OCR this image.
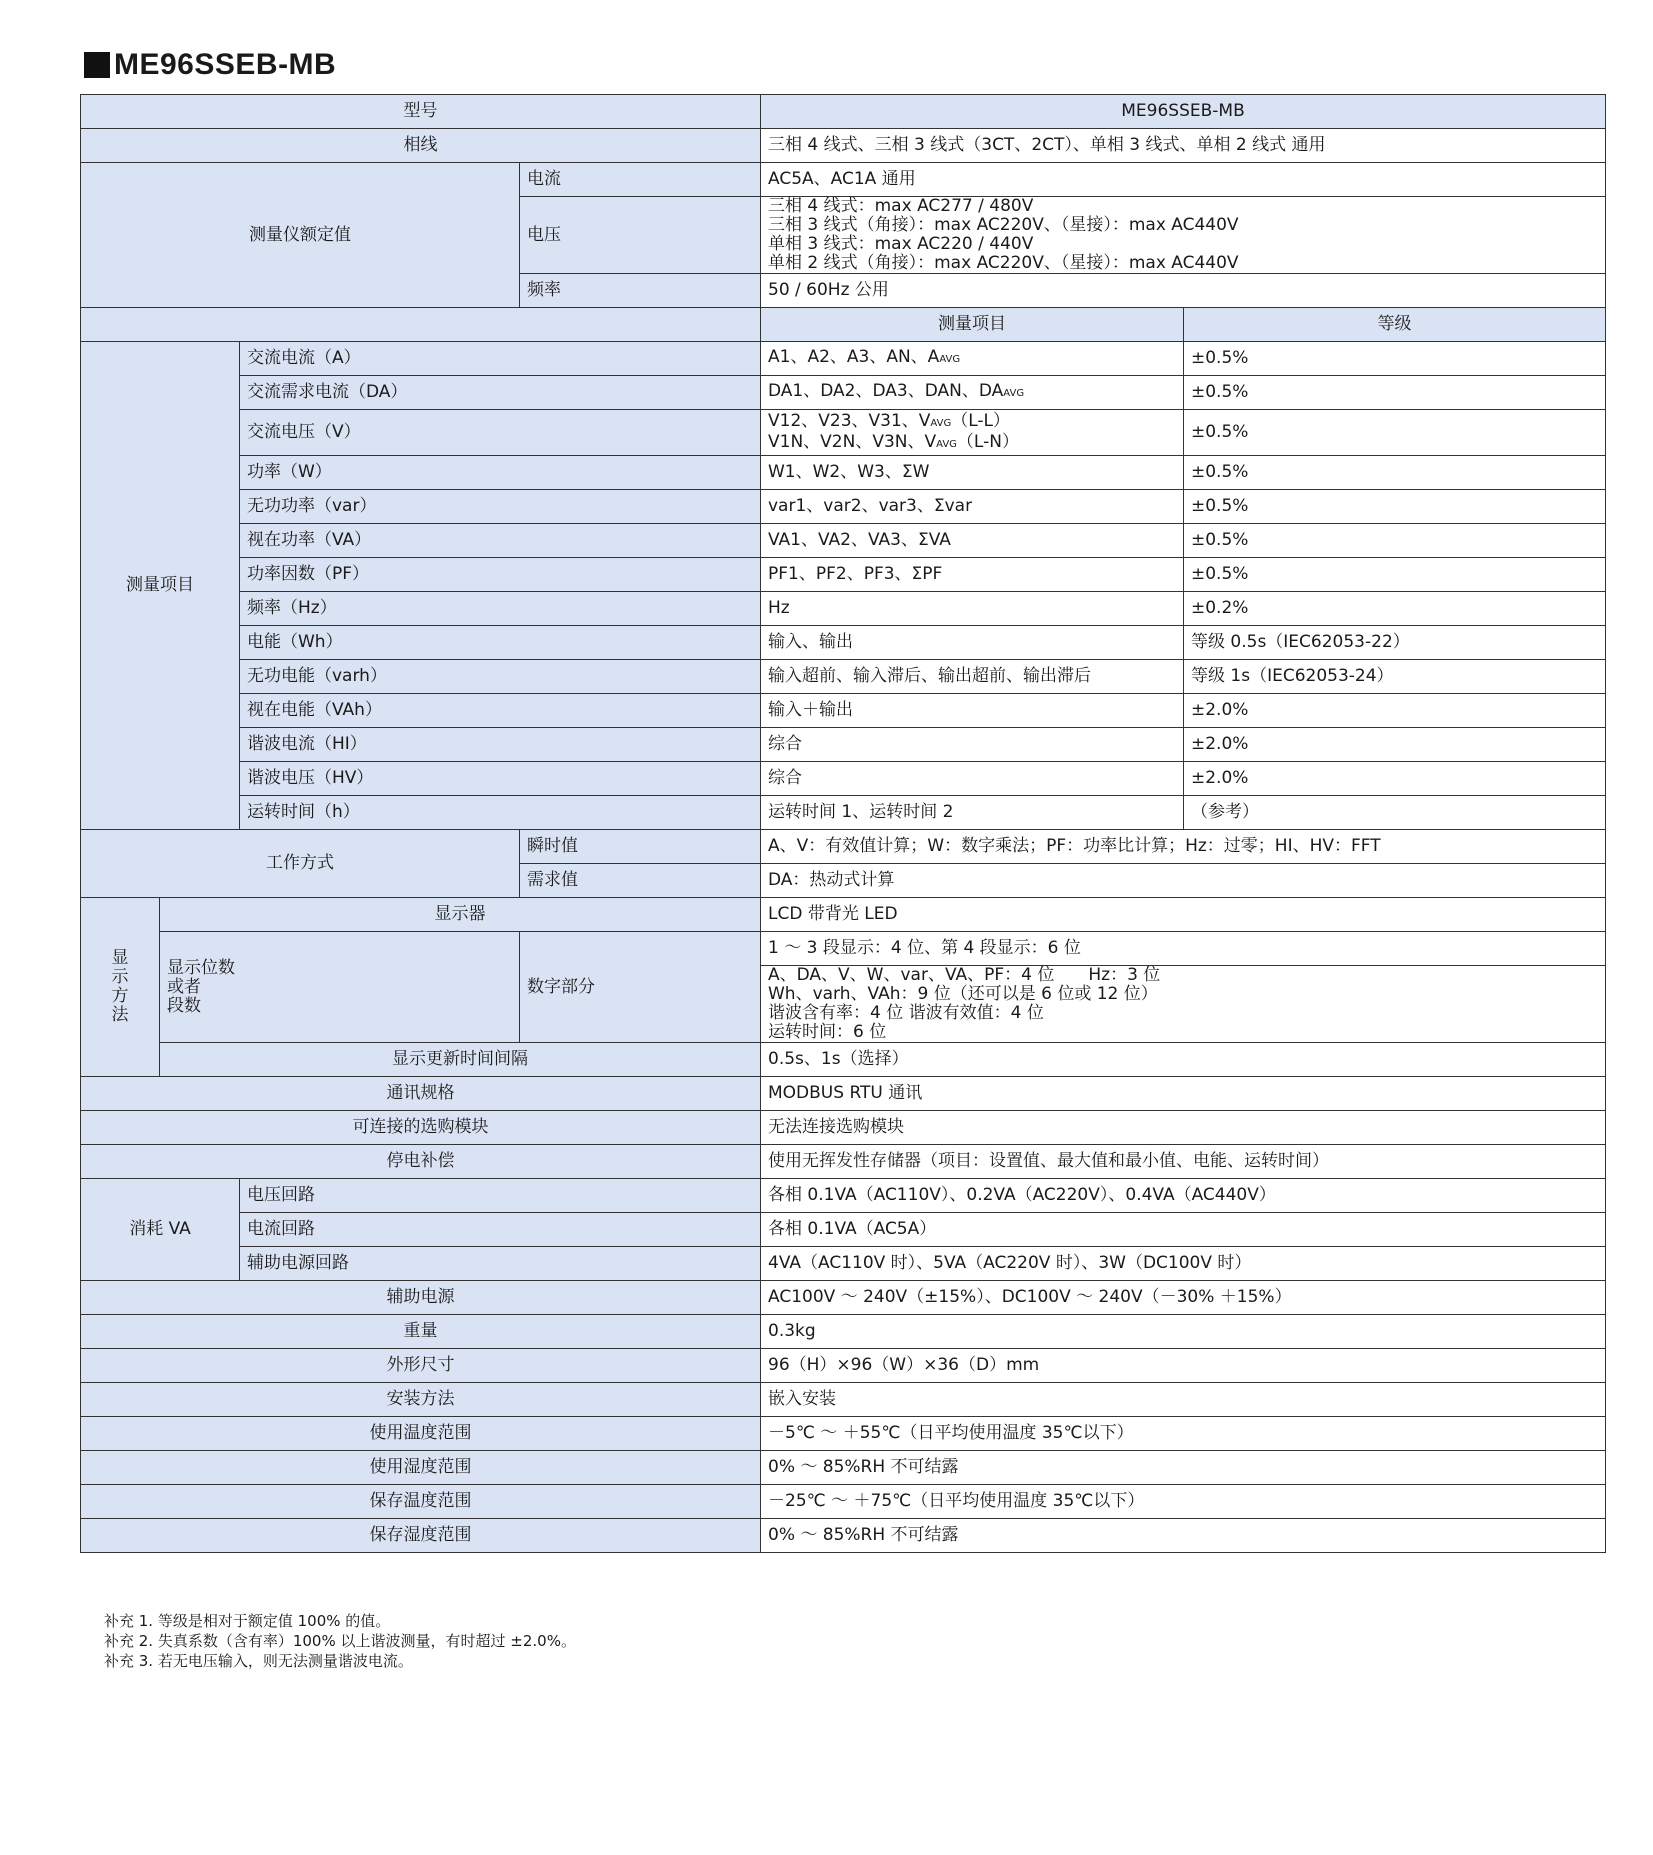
ME96SSEB-MB
型号				ME96SSEB-MB	
相线				三相 4 线式、三相 3 线式（3CT、2CT）、单相 3 线式、单相 2 线式 通用	
测量仪额定值			电流	AC5A、AC1A 通用	
			电压	三相 4 线式：max AC277 / 480V
三相 3 线式（角接）：max AC220V、（星接）：max AC440V
单相 3 线式：max AC220 / 440V
单相 2 线式（角接）：max AC220V、（星接）：max AC440V	

			频率	50 / 60Hz 公用	
				测量项目	等级
测量项目		交流电流（A）		A1、A2、A3、AN、AAVG	±0.5%
		交流需求电流（DA）		DA1、DA2、DA3、DAN、DAAVG	±0.5%
		交流电压（V）		V12、V23、V31、VAVG（L-L）
V1N、V2N、V3N、VAVG（L-N）	±0.5%
		功率（W）		W1、W2、W3、ΣW	±0.5%
		无功功率（var）		var1、var2、var3、Σvar	±0.5%
		视在功率（VA）		VA1、VA2、VA3、ΣVA	±0.5%
		功率因数（PF）		PF1、PF2、PF3、ΣPF	±0.5%
		频率（Hz）		Hz	±0.2%
		电能（Wh）		输入、输出	等级 0.5s（IEC62053-22）
		无功电能（varh）		输入超前、输入滞后、输出超前、输出滞后	等级 1s（IEC62053-24）
		视在电能（VAh）		输入＋输出	±2.0%
		谐波电流（HI）		综合	±2.0%
		谐波电压（HV）		综合	±2.0%
		运转时间（h）		运转时间 1、运转时间 2	（参考）
工作方式			瞬时值	A、V：有效值计算；W：数字乘法；PF：功率比计算；Hz：过零；HI、HV：FFT	
			需求值	DA：热动式计算	

显
示
方
法	显示器			LCD 带背光 LED	

	显示位数
或者
段数		数字部分	1 ～ 3 段显示：4 位、第 4 段显示：6 位	

				A、DA、V、W、var、VA、PF：4 位　　Hz：3 位
Wh、varh、VAh：9 位（还可以是 6 位或 12 位）
谐波含有率：4 位 谐波有效值：4 位
运转时间：6 位	

	显示更新时间间隔			0.5s、1s（选择）	
通讯规格				MODBUS RTU 通讯	
可连接的选购模块				无法连接选购模块	
停电补偿				使用无挥发性存储器（项目：设置值、最大值和最小值、电能、运转时间）	
消耗 VA		电压回路		各相 0.1VA（AC110V）、0.2VA（AC220V）、0.4VA（AC440V）	
		电流回路		各相 0.1VA（AC5A）	
		辅助电源回路		4VA（AC110V 时）、5VA（AC220V 时）、3W（DC100V 时）	
辅助电源				AC100V ～ 240V（±15%）、DC100V ～ 240V（－30% ＋15%）	
重量				0.3kg	
外形尺寸				96（H）×96（W）×36（D）mm	
安装方法				嵌入安装	
使用温度范围				－5℃ ～ ＋55℃（日平均使用温度 35℃以下）	
使用湿度范围				0% ～ 85%RH 不可结露	
保存温度范围				－25℃ ～ ＋75℃（日平均使用温度 35℃以下）	
保存湿度范围				0% ～ 85%RH 不可结露	
补充 1. 等级是相对于额定值 100% 的值。
补充 2. 失真系数（含有率）100% 以上谐波测量，有时超过 ±2.0%。
补充 3. 若无电压输入，则无法测量谐波电流。
